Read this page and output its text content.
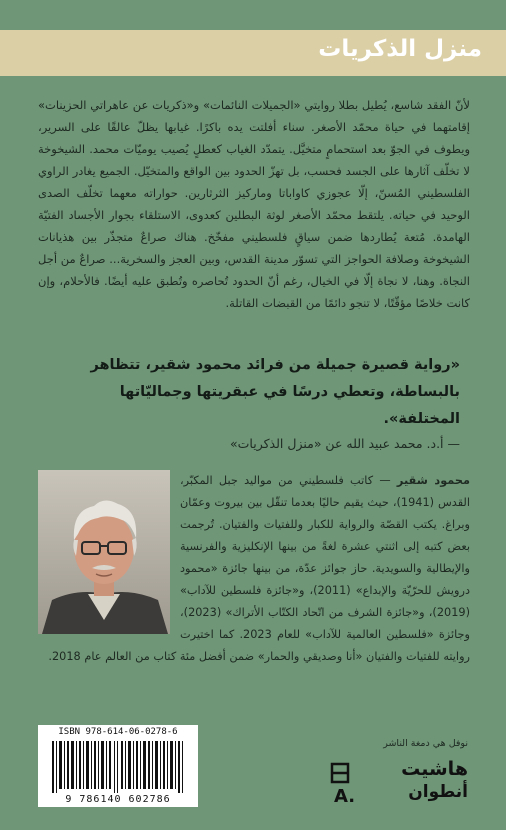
منزل الذكريات
لأنّ الفقد شاسع، يُطيل بطلا روايتي «الجميلات النائمات» و«ذكريات عن عاهراتي الحزينات» إقامتهما في حياة محمّد الأصغر. سناء أفلتت يده باكرًا. غيابها يظلّ عالقًا على السرير، ويطوف في الجوّ بعد استحمامٍ متخيَّل. يتمدّد الغياب كعطلٍ يُصيب يوميّات محمد. الشيخوخة لا تخلّف آثارها على الجسد فحسب، بل تهزّ الحدود بين الواقع والمتخيّل. الجميع يغادر الراوي الفلسطيني المُسنّ، إلّا عجوزي كاواباتا وماركيز الثرثارين. حواراته معهما تخلّف الصدى الوحيد في حياته. يلتقط محمّد الأصغر لوثة البطلين كعدوى، الاستلقاء بجوار الأجساد الفتيّة الهامدة. مُتعة يُطاردها ضمن سياقٍ فلسطيني مفخّخ. هناك صراعٌ متجذّر بين هذيانات الشيخوخة وصلافة الحواجز التي تسوّر مدينة القدس، وبين العجز والسخرية... صراعٌ من أجل النجاة. وهنا، لا نجاة إلّا في الخيال، رغم أنّ الحدود تُحاصره وتُطبق عليه أيضًا. فالأحلام، وإن كانت خلاصًا مؤقّتًا، لا تنجو دائمًا من القبضات القاتلة.
«رواية قصيرة جميلة من فرائد محمود شقير، تتظاهر بالبساطة، وتعطي درسًا في عبقريتها وجماليّاتها المختلفة».
— أ.د. محمد عبيد الله عن «منزل الذكريات»
محمود شقير — كاتب فلسطيني من مواليد جبل المكبّر، القدس (1941)، حيث يقيم حاليًا بعدما تنقّل بين بيروت وعمّان وبراغ. يكتب القصّة والرواية للكبار وللفتيات والفتيان. تُرجمت بعض كتبه إلى اثنتي عشرة لغةً من بينها الإنكليزية والفرنسية والإيطالية والسويدية. حاز جوائز عدّة، من بينها جائزة «محمود درويش للحرّيّة والإبداع» (2011)، و«جائزة فلسطين للآداب» (2019)، و«جائزة الشرف من اتّحاد الكتّاب الأتراك» (2023)، وجائزة «فلسطين العالمية للآداب» للعام 2023. كما اختيرت روايته للفتيات والفتيان «أنا وصديقي والحمار» ضمن أفضل مئة كتاب من العالم عام 2018.
ISBN 978-614-06-0278-6
9 786140 602786
نوفل هي دمغة الناشر
هاشيت
أنطوان
A.
